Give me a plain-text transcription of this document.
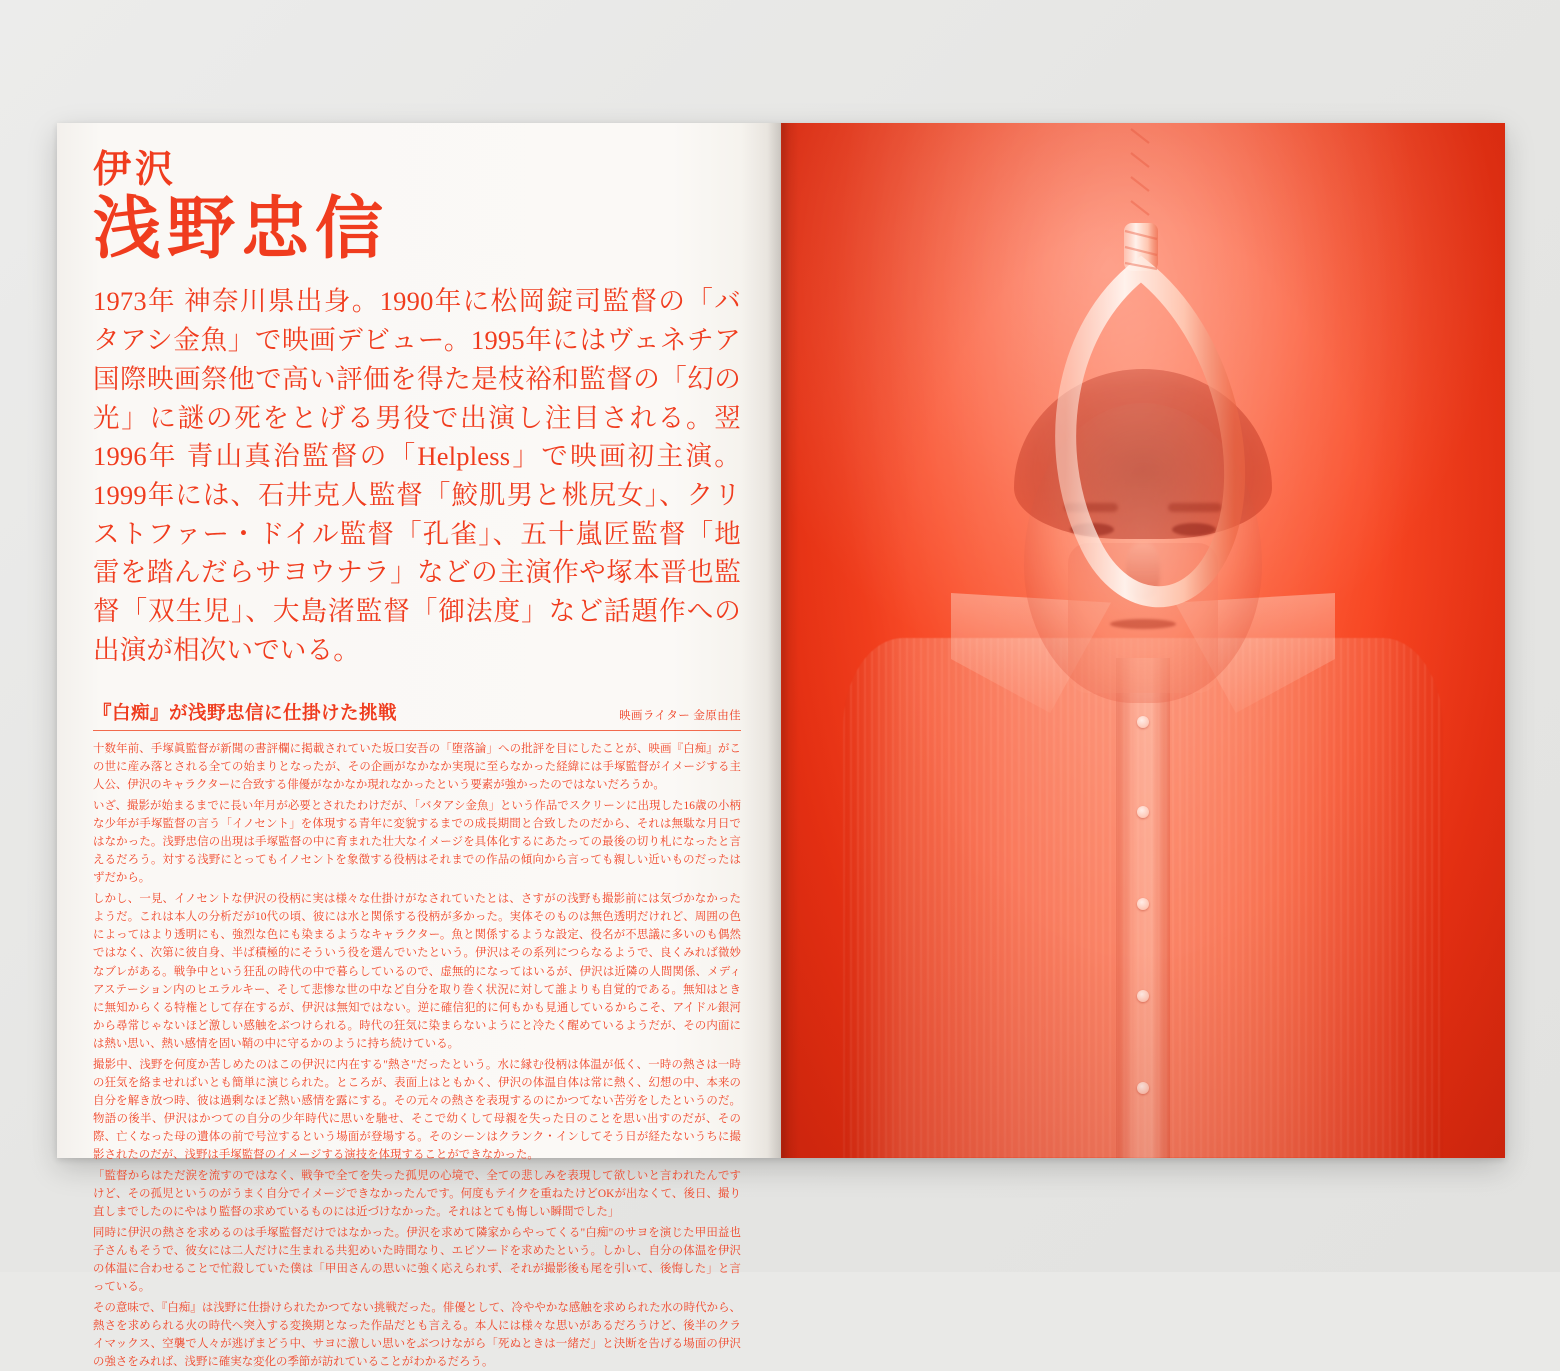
伊沢
浅野忠信

1973年 神奈川県出身。1990年に松岡錠司監督の「バタアシ金魚」で映画デビュー。1995年にはヴェネチア国際映画祭他で高い評価を得た是枝裕和監督の「幻の光」に謎の死をとげる男役で出演し注目される。翌1996年 青山真治監督の「Helpless」で映画初主演。1999年には、石井克人監督「鮫肌男と桃尻女」、クリストファー・ドイル監督「孔雀」、五十嵐匠監督「地雷を踏んだらサヨウナラ」などの主演作や塚本晋也監督「双生児」、大島渚監督「御法度」など話題作への出演が相次いでいる。

『白痴』が浅野忠信に仕掛けた挑戦	映画ライター 金原由佳

十数年前、手塚眞監督が新聞の書評欄に掲載されていた坂口安吾の「堕落論」への批評を目にしたことが、映画『白痴』がこの世に産み落とされる全ての始まりとなったが、その企画がなかなか実現に至らなかった経緯には手塚監督がイメージする主人公、伊沢のキャラクターに合致する俳優がなかなか現れなかったという要素が強かったのではないだろうか。

いざ、撮影が始まるまでに長い年月が必要とされたわけだが、「バタアシ金魚」という作品でスクリーンに出現した16歳の小柄な少年が手塚監督の言う「イノセント」を体現する青年に変貌するまでの成長期間と合致したのだから、それは無駄な月日ではなかった。浅野忠信の出現は手塚監督の中に育まれた壮大なイメージを具体化するにあたっての最後の切り札になったと言えるだろう。対する浅野にとってもイノセントを象徴する役柄はそれまでの作品の傾向から言っても親しい近いものだったはずだから。

しかし、一見、イノセントな伊沢の役柄に実は様々な仕掛けがなされていたとは、さすがの浅野も撮影前には気づかなかったようだ。これは本人の分析だが10代の頃、彼には水と関係する役柄が多かった。実体そのものは無色透明だけれど、周囲の色によってはより透明にも、強烈な色にも染まるようなキャラクター。魚と関係するような設定、役名が不思議に多いのも偶然ではなく、次第に彼自身、半ば積極的にそういう役を選んでいたという。伊沢はその系列につらなるようで、良くみれば微妙なブレがある。戦争中という狂乱の時代の中で暮らしているので、虚無的になってはいるが、伊沢は近隣の人間関係、メディアステーション内のヒエラルキー、そして悲惨な世の中など自分を取り巻く状況に対して誰よりも自覚的である。無知はときに無知からくる特権として存在するが、伊沢は無知ではない。逆に確信犯的に何もかも見通しているからこそ、アイドル銀河から尋常じゃないほど激しい感触をぶつけられる。時代の狂気に染まらないようにと冷たく醒めているようだが、その内面には熱い思い、熱い感情を固い鞘の中に守るかのように持ち続けている。

撮影中、浅野を何度か苦しめたのはこの伊沢に内在する"熱さ"だったという。水に縁む役柄は体温が低く、一時の熱さは一時の狂気を絡ませればいとも簡単に演じられた。ところが、表面上はともかく、伊沢の体温自体は常に熱く、幻想の中、本来の自分を解き放つ時、彼は過剰なほど熱い感情を露にする。その元々の熱さを表現するのにかつてない苦労をしたというのだ。物語の後半、伊沢はかつての自分の少年時代に思いを馳せ、そこで幼くして母親を失った日のことを思い出すのだが、その際、亡くなった母の遺体の前で号泣するという場面が登場する。そのシーンはクランク・インしてそう日が経たないうちに撮影されたのだが、浅野は手塚監督のイメージする演技を体現することができなかった。

「監督からはただ涙を流すのではなく、戦争で全てを失った孤児の心境で、全ての悲しみを表現して欲しいと言われたんですけど、その孤児というのがうまく自分でイメージできなかったんです。何度もテイクを重ねたけどOKが出なくて、後日、撮り直しまでしたのにやはり監督の求めているものには近づけなかった。それはとても悔しい瞬間でした」

同時に伊沢の熱さを求めるのは手塚監督だけではなかった。伊沢を求めて隣家からやってくる"白痴"のサヨを演じた甲田益也子さんもそうで、彼女には二人だけに生まれる共犯めいた時間なり、エピソードを求めたという。しかし、自分の体温を伊沢の体温に合わせることで忙殺していた僕は「甲田さんの思いに強く応えられず、それが撮影後も尾を引いて、後悔した」と言っている。

その意味で、『白痴』は浅野に仕掛けられたかつてない挑戦だった。俳優として、冷ややかな感触を求められた水の時代から、熱さを求められる火の時代へ突入する変換期となった作品だとも言える。本人には様々な思いがあるだろうけど、後半のクライマックス、空襲で人々が逃げまどう中、サヨに激しい思いをぶつけながら「死ぬときは一緒だ」と決断を告げる場面の伊沢の強さをみれば、浅野に確実な変化の季節が訪れていることがわかるだろう。
